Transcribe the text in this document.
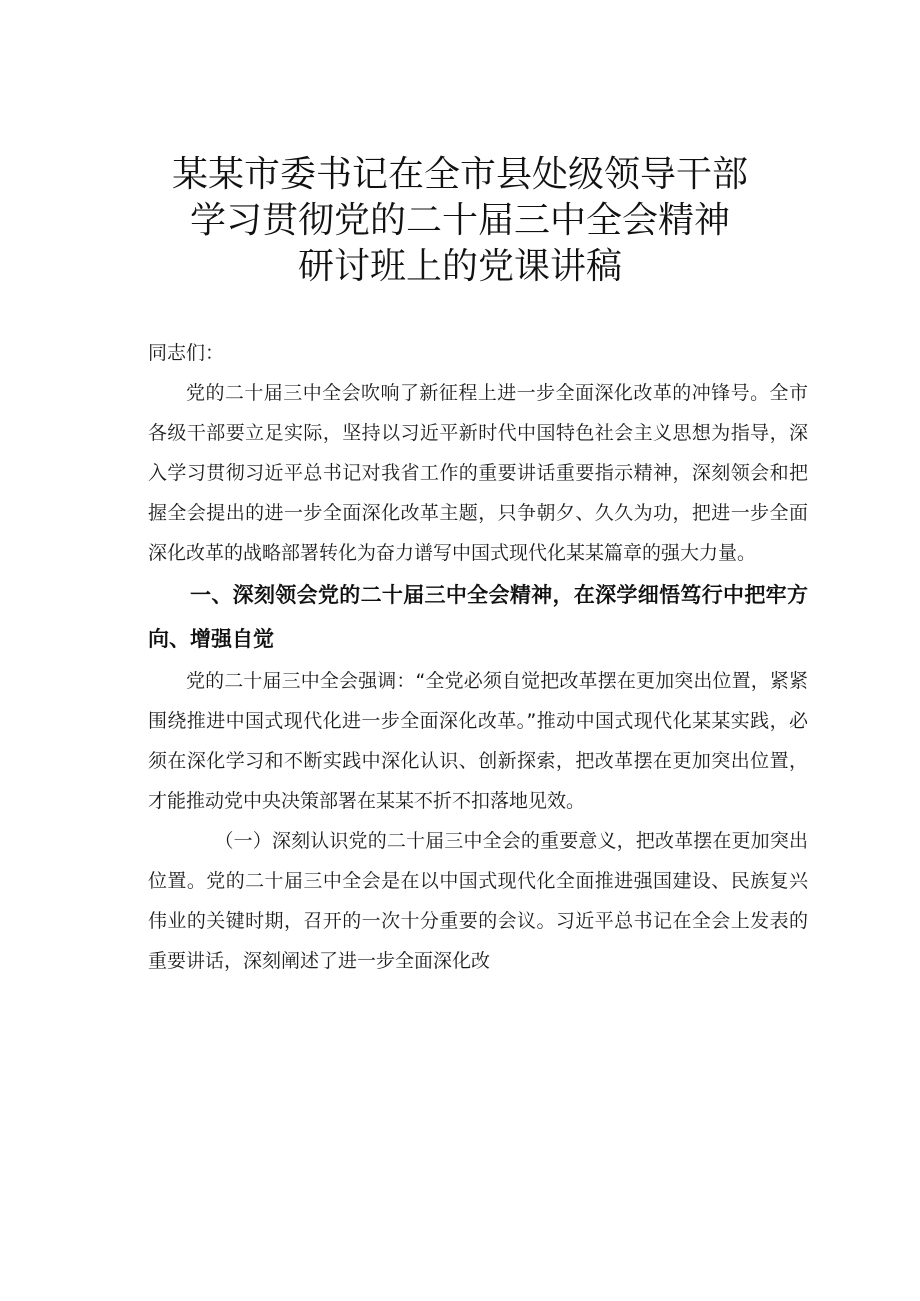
某某市委书记在全市县处级领导干部
学习贯彻党的二十届三中全会精神
研讨班上的党课讲稿

同志们：

党的二十届三中全会吹响了新征程上进一步全面深化改革的冲锋号。全市各级干部要立足实际，坚持以习近平新时代中国特色社会主义思想为指导，深入学习贯彻习近平总书记对我省工作的重要讲话重要指示精神，深刻领会和把握全会提出的进一步全面深化改革主题，只争朝夕、久久为功，把进一步全面深化改革的战略部署转化为奋力谱写中国式现代化某某篇章的强大力量。

一、深刻领会党的二十届三中全会精神，在深学细悟笃行中把牢方向、增强自觉

党的二十届三中全会强调：“全党必须自觉把改革摆在更加突出位置，紧紧围绕推进中国式现代化进一步全面深化改革。”推动中国式现代化某某实践，必须在深化学习和不断实践中深化认识、创新探索，把改革摆在更加突出位置，才能推动党中央决策部署在某某不折不扣落地见效。

（一）深刻认识党的二十届三中全会的重要意义，把改革摆在更加突出位置。党的二十届三中全会是在以中国式现代化全面推进强国建设、民族复兴伟业的关键时期，召开的一次十分重要的会议。习近平总书记在全会上发表的重要讲话，深刻阐述了进一步全面深化改
